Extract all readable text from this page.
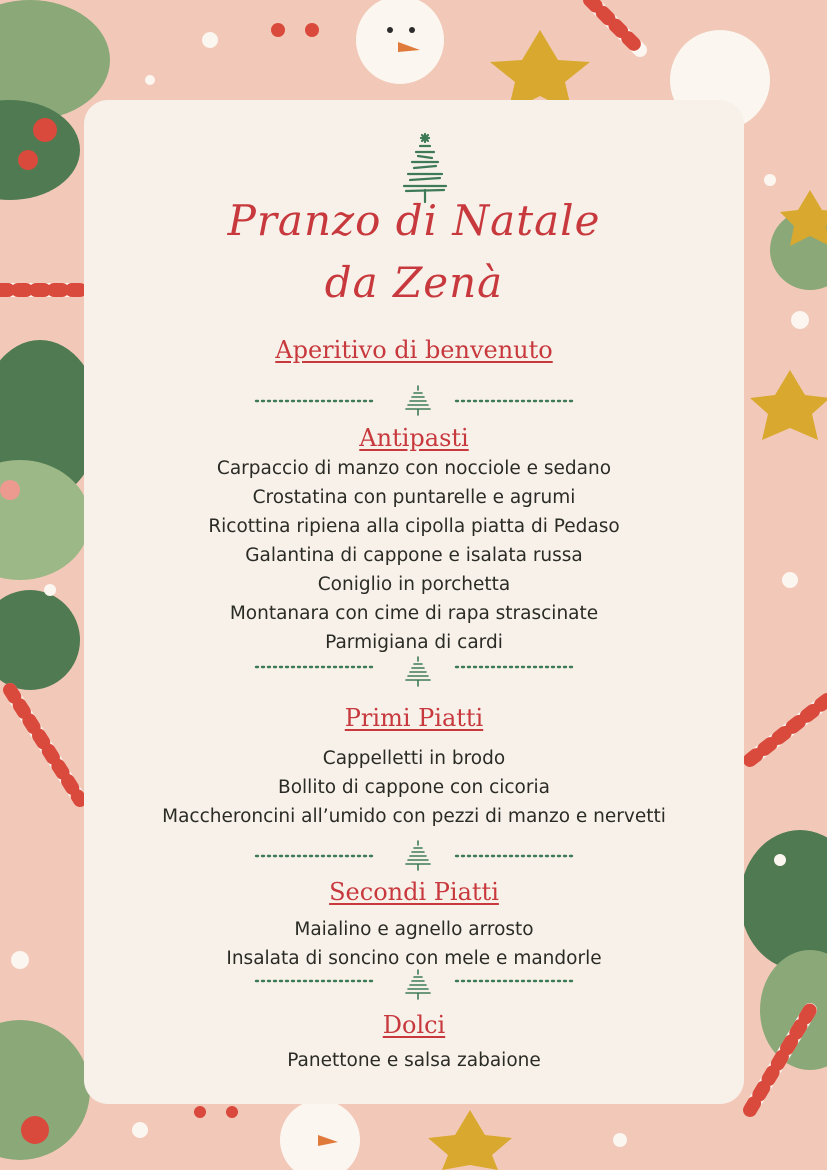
Pranzo di Natale
da Zenà
Aperitivo di benvenuto
Antipasti
Carpaccio di manzo con nocciole e sedano
Crostatina con puntarelle e agrumi
Ricottina ripiena alla cipolla piatta di Pedaso
Galantina di cappone e isalata russa
Coniglio in porchetta
Montanara con cime di rapa strascinate
Parmigiana di cardi
Primi Piatti
Cappelletti in brodo
Bollito di cappone con cicoria
Maccheroncini all’umido con pezzi di manzo e nervetti
Secondi Piatti
Maialino e agnello arrosto
Insalata di soncino con mele e mandorle
Dolci
Panettone e salsa zabaione
